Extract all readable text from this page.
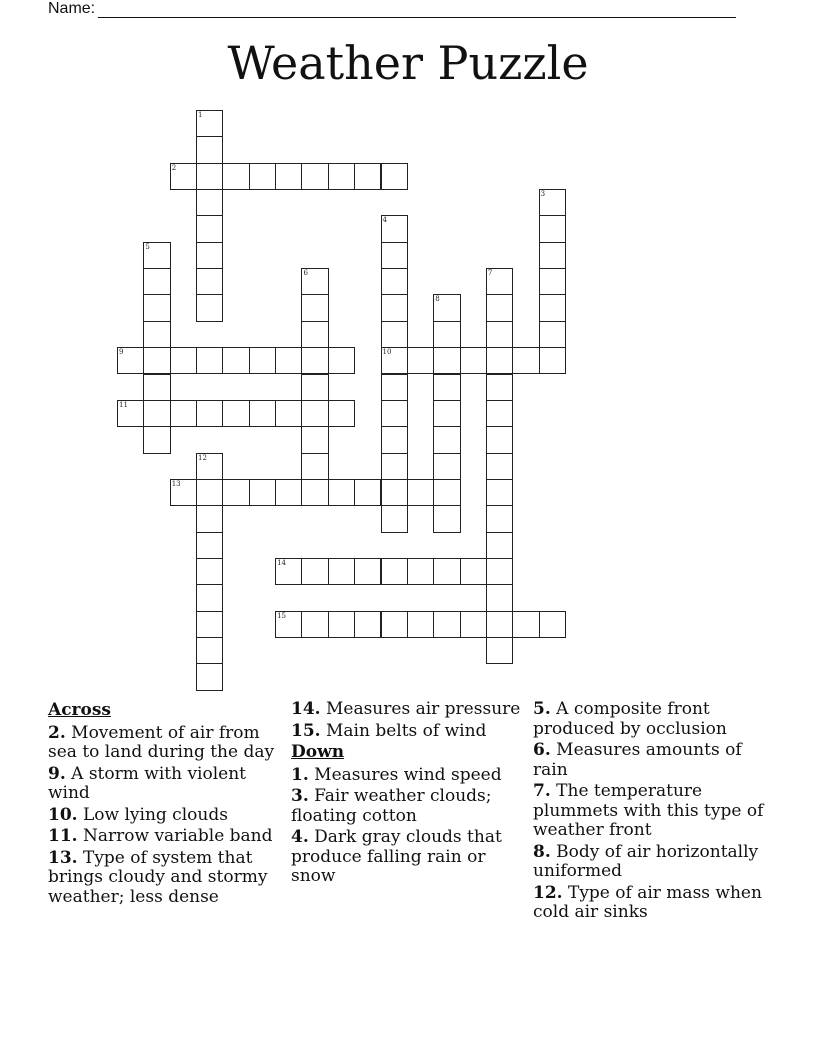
Name:
Weather Puzzle
1
2
3
4
10
5
6	7
8
9
11
12
13
14
15
Across
2. Movement of air from sea to land during the day
9. A storm with violent wind
10. Low lying clouds
11. Narrow variable band
13. Type of system that brings cloudy and stormy weather; less dense
14. Measures air pressure
15. Main belts of wind
Down
1. Measures wind speed
3. Fair weather clouds; floating cotton
4. Dark gray clouds that produce falling rain or snow
5. A composite front produced by occlusion
6. Measures amounts of rain
7. The temperature plummets with this type of weather front
8. Body of air horizontally uniformed
12. Type of air mass when cold air sinks
